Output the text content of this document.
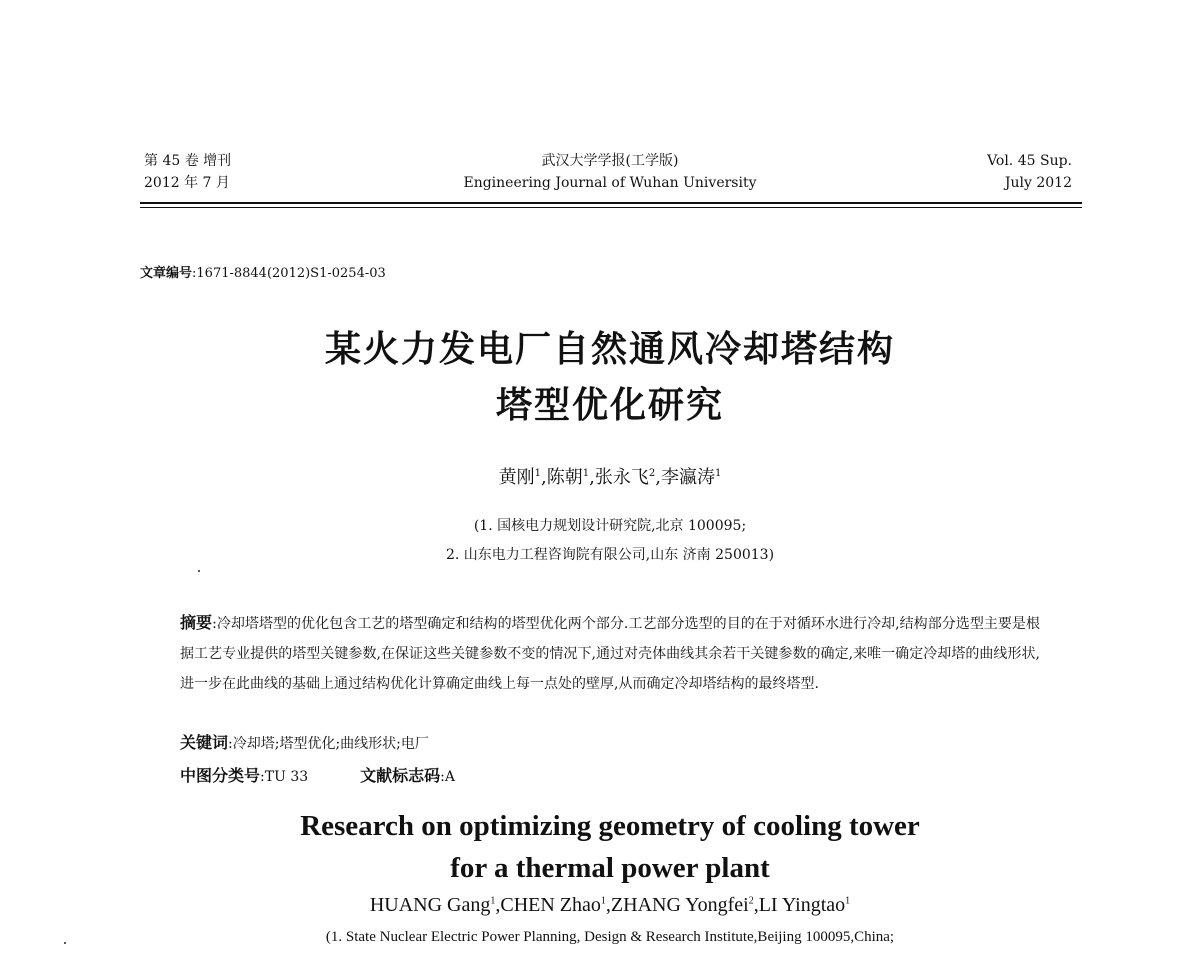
第 45 卷 增刊
2012 年 7 月
武汉大学学报(工学版)
Engineering Journal of Wuhan University
Vol. 45 Sup.
July 2012
文章编号:1671-8844(2012)S1-0254-03
某火力发电厂自然通风冷却塔结构
塔型优化研究
黄刚$^1$,陈朝$^1$,张永飞$^2$,李瀛涛$^1$
(1. 国核电力规划设计研究院,北京 100095;
2. 山东电力工程咨询院有限公司,山东 济南 250013)
摘要:冷却塔塔型的优化包含工艺的塔型确定和结构的塔型优化两个部分.工艺部分选型的目的在于对循环水进行冷却,结构部分选型主要是根据工艺专业提供的塔型关键参数,在保证这些关键参数不变的情况下,通过对壳体曲线其余若干关键参数的确定,来唯一确定冷却塔的曲线形状,进一步在此曲线的基础上通过结构优化计算确定曲线上每一点处的壁厚,从而确定冷却塔结构的最终塔型.
关键词:冷却塔;塔型优化;曲线形状;电厂
中图分类号:TU 33	文献标志码:A
Research on optimizing geometry of cooling tower
for a thermal power plant
HUANG Gang$^1$,CHEN Zhao$^1$,ZHANG Yongfei$^2$,LI Yingtao$^1$
(1. State Nuclear Electric Power Planning, Design & Research Institute,Beijing 100095,China;
